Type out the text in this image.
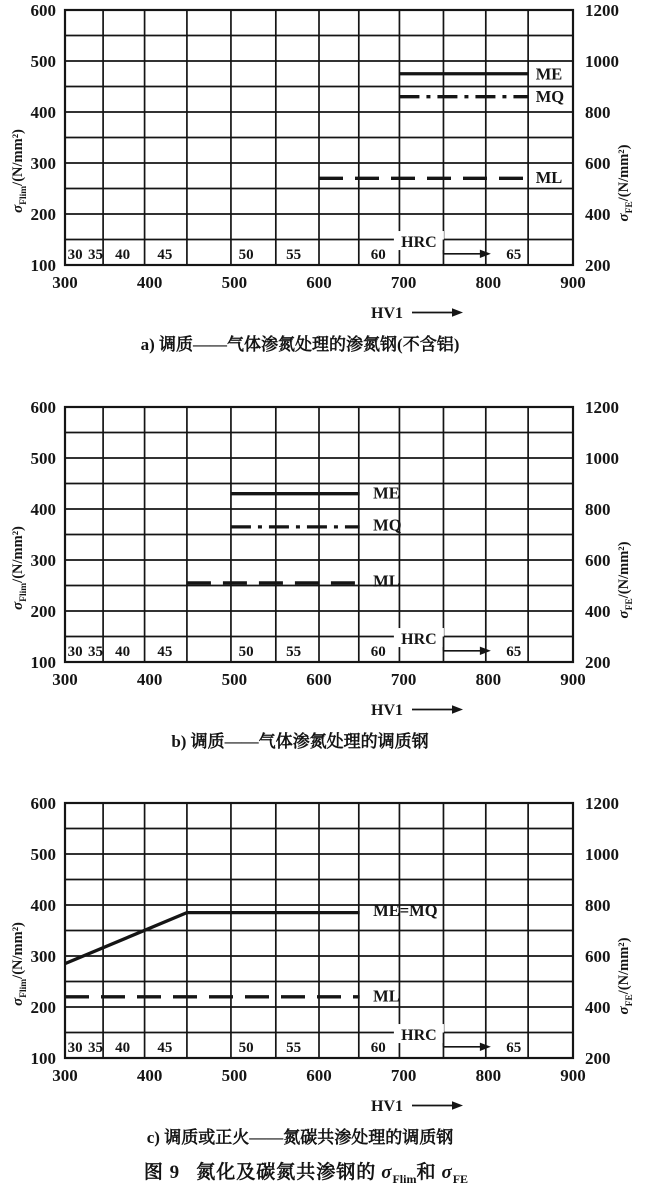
30 35 40 45	50 55	60	65
HRC
600
500
400
300
200
100
1200
1000
800
600
400
200
300	400	500	600	700	800	900
HV1
ME
MQ
ML
$\sigma_{Flim}/(N/mm^2)$
$\sigma_{FE}/(N/mm^2)$
a) 调质——气体渗氮处理的渗氮钢(不含铝)
30 35 40 45	50 55	60	65
HRC
600
500
400
300
200
100
1200
1000
800
600
400
200
300	400	500	600	700	800	900
HV1
ME
MQ
ML
$\sigma_{Flim}/(N/mm^2)$
$\sigma_{FE}/(N/mm^2)$
b) 调质——气体渗氮处理的调质钢
30 35 40 45	50 55	60	65
HRC
600
500
400
300
200
100
1200
1000
800
600
400
200
300	400	500	600	700	800	900
HV1
ME=MQ
ML
$\sigma_{Flim}/(N/mm^2)$
$\sigma_{FE}/(N/mm^2)$
c) 调质或正火——氮碳共渗处理的调质钢
图 9 氮化及碳氮共渗钢的 $\sigma_{Flim}$和 $\sigma_{FE}$
